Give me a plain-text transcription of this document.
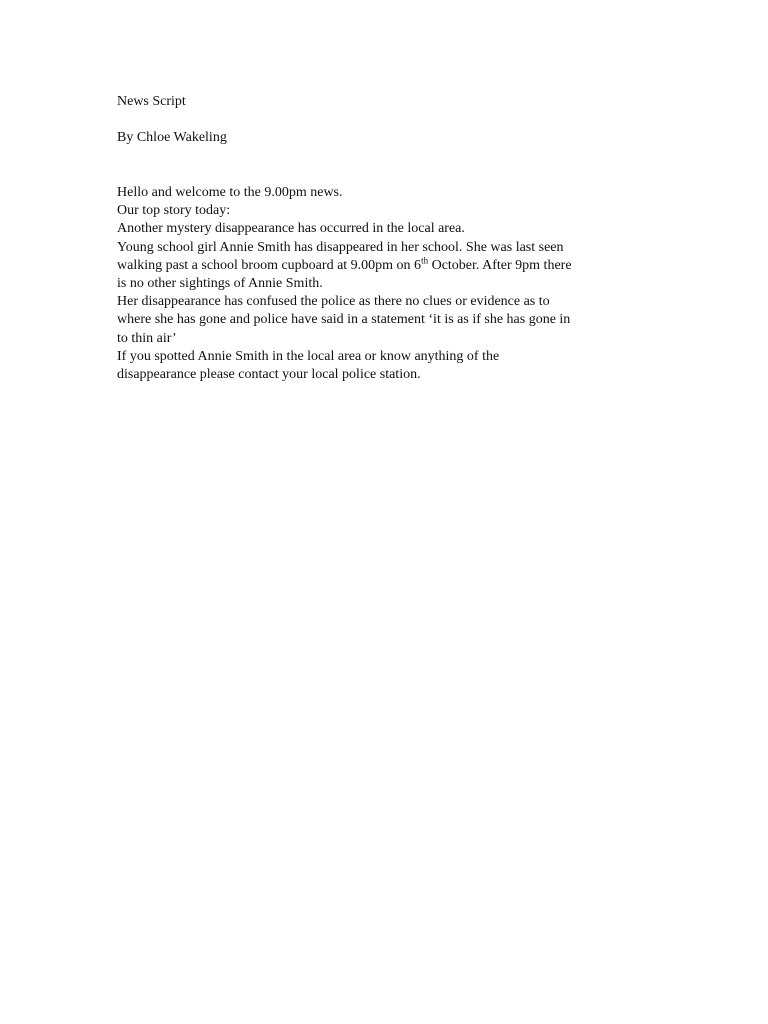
News Script
By Chloe Wakeling
Hello and welcome to the 9.00pm news.
Our top story today:
Another mystery disappearance has occurred in the local area.
Young school girl Annie Smith has disappeared in her school. She was last seen
walking past a school broom cupboard at 9.00pm on 6th October. After 9pm there
is no other sightings of Annie Smith.
Her disappearance has confused the police as there no clues or evidence as to
where she has gone and police have said in a statement ‘it is as if she has gone in
to thin air’
If you spotted Annie Smith in the local area or know anything of the
disappearance please contact your local police station.
